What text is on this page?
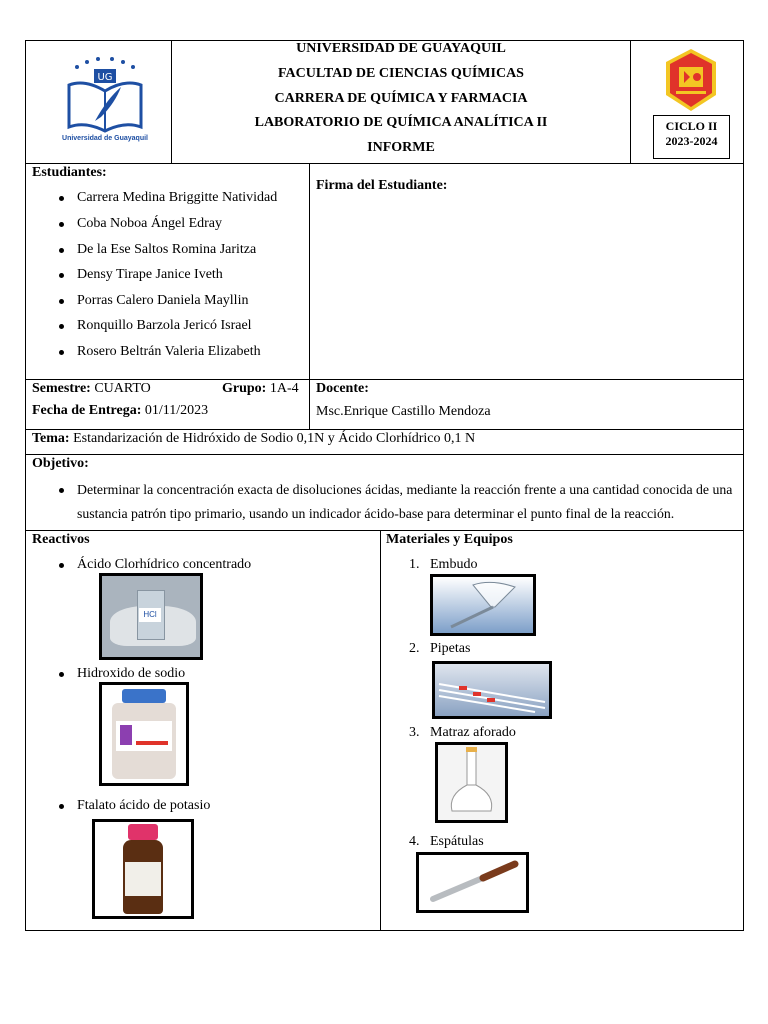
UG
Universidad de Guayaquil
UNIVERSIDAD DE GUAYAQUIL
FACULTAD DE CIENCIAS QUÍMICAS
CARRERA DE QUÍMICA Y FARMACIA
LABORATORIO DE QUÍMICA ANALÍTICA II
INFORME
CICLO II
2023-2024
Estudiantes:
Carrera Medina Briggitte Natividad
Coba Noboa Ángel Edray
De la Ese Saltos Romina Jaritza
Densy Tirape Janice Iveth
Porras Calero Daniela Mayllin
Ronquillo Barzola Jericó Israel
Rosero Beltrán Valeria Elizabeth
Firma del Estudiante:
Semestre: CUARTO	Grupo: 1A-4
Fecha de Entrega: 01/11/2023
Docente:
Msc.Enrique Castillo Mendoza
Tema: Estandarización de Hidróxido de Sodio 0,1N y Ácido Clorhídrico 0,1 N
Objetivo:
Determinar la concentración exacta de disoluciones ácidas, mediante la reacción frente a una cantidad conocida de una
sustancia patrón tipo primario, usando un indicador ácido-base para determinar el punto final de la reacción.
Reactivos	Materiales y Equipos
Ácido Clorhídrico concentrado
HCl
Hidroxido de sodio
Ftalato ácido de potasio
1. Embudo
2. Pipetas
3. Matraz aforado
4. Espátulas
